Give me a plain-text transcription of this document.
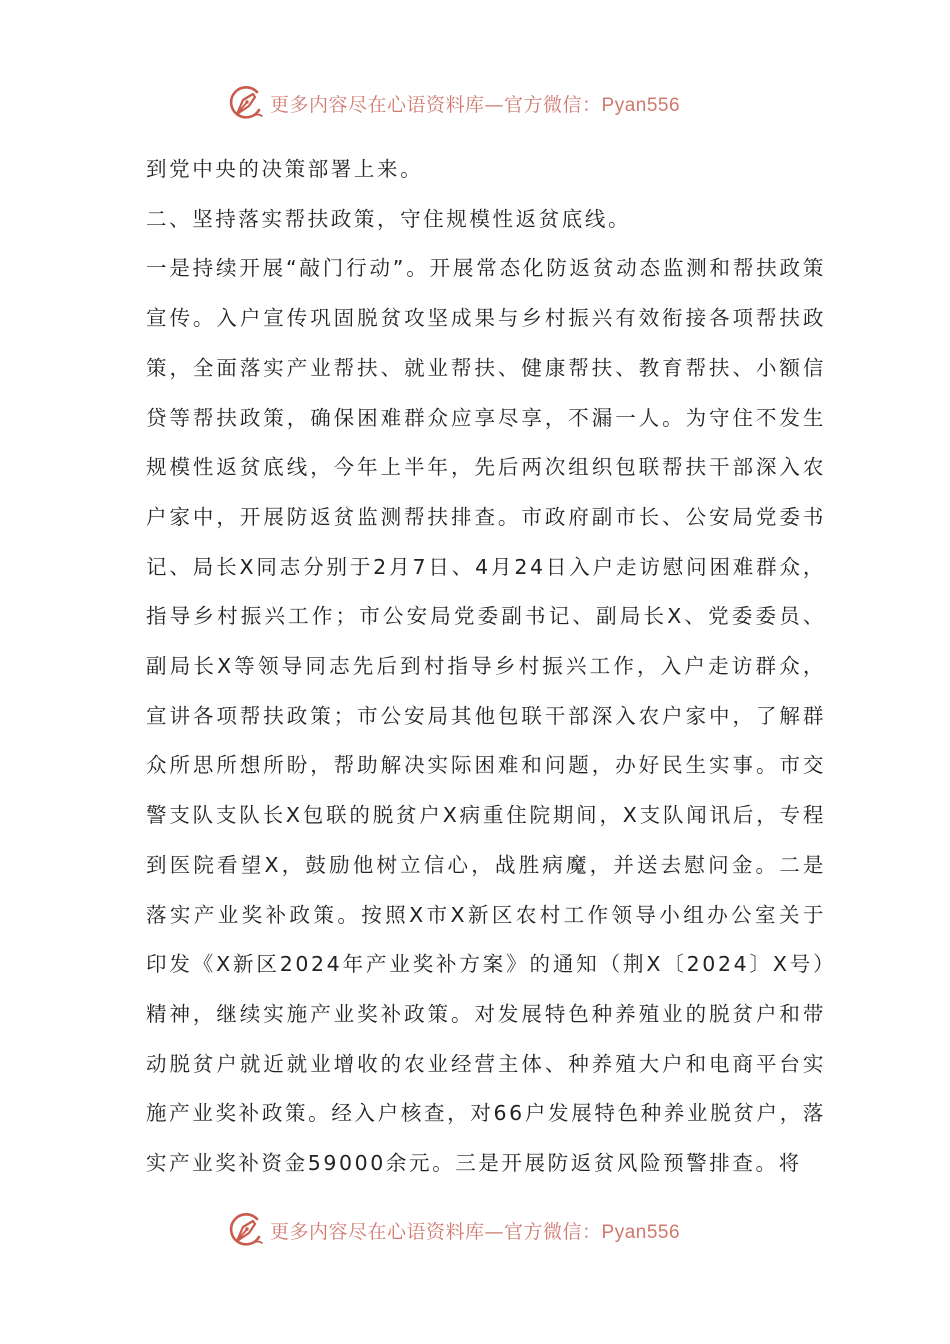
更多内容尽在心语资料库—官方微信：Pyan556

到党中央的决策部署上来。

二、坚持落实帮扶政策，守住规模性返贫底线。

一是持续开展“敲门行动”。开展常态化防返贫动态监测和帮扶政策宣传。入户宣传巩固脱贫攻坚成果与乡村振兴有效衔接各项帮扶政策，全面落实产业帮扶、就业帮扶、健康帮扶、教育帮扶、小额信贷等帮扶政策，确保困难群众应享尽享，不漏一人。为守住不发生规模性返贫底线，今年上半年，先后两次组织包联帮扶干部深入农户家中，开展防返贫监测帮扶排查。市政府副市长、公安局党委书记、局长X同志分别于2月7日、4月24日入户走访慰问困难群众，指导乡村振兴工作；市公安局党委副书记、副局长X、党委委员、副局长X等领导同志先后到村指导乡村振兴工作，入户走访群众，宣讲各项帮扶政策；市公安局其他包联干部深入农户家中，了解群众所思所想所盼，帮助解决实际困难和问题，办好民生实事。市交警支队支队长X包联的脱贫户X病重住院期间，X支队闻讯后，专程到医院看望X，鼓励他树立信心，战胜病魔，并送去慰问金。二是落实产业奖补政策。按照X市X新区农村工作领导小组办公室关于印发《X新区2024年产业奖补方案》的通知（荆X〔2024〕X号）精神，继续实施产业奖补政策。对发展特色种养殖业的脱贫户和带动脱贫户就近就业增收的农业经营主体、种养殖大户和电商平台实施产业奖补政策。经入户核查，对66户发展特色种养业脱贫户，落实产业奖补资金59000余元。三是开展防返贫风险预警排查。将

更多内容尽在心语资料库—官方微信：Pyan556
